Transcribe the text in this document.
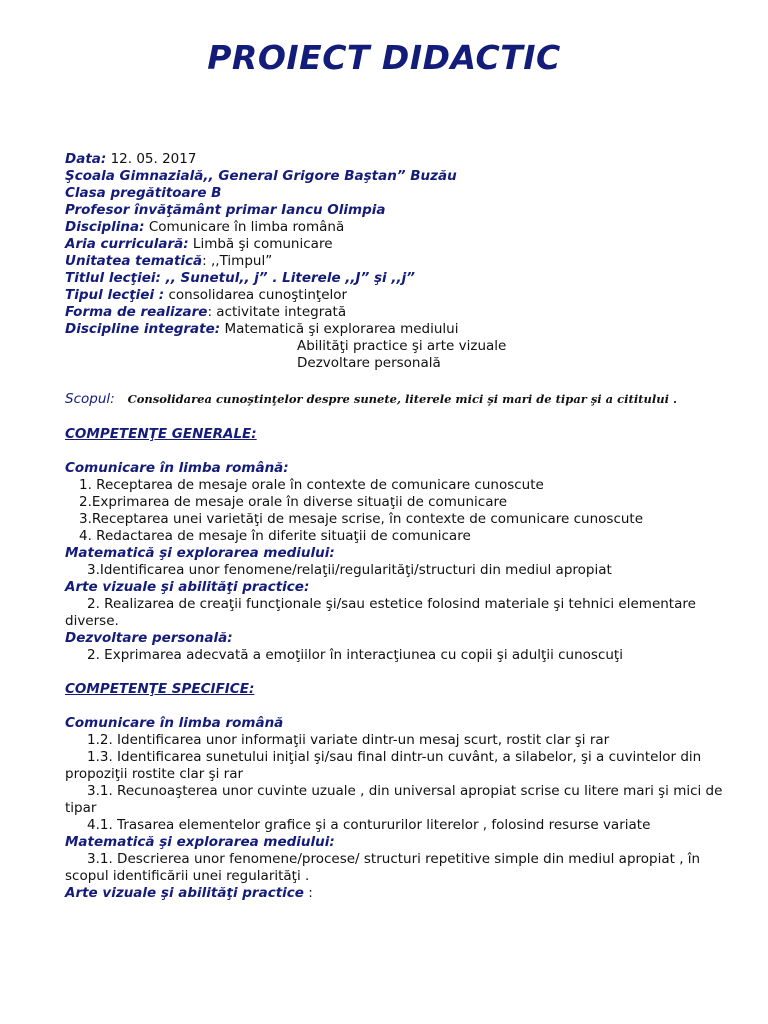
PROIECT DIDACTIC
Data: 12. 05. 2017
Şcoala Gimnazială,, General Grigore Baştan” Buzău
Clasa pregătitoare B
Profesor învăţământ primar Iancu Olimpia
Disciplina: Comunicare în limba română
Aria curriculară: Limbă şi comunicare
Unitatea tematică: ,,Timpul”
Titlul lecţiei: ,, Sunetul,, j” . Literele ,,J” şi ,,j”
Tipul lecţiei : consolidarea cunoştinţelor
Forma de realizare: activitate integrată
Discipline integrate: Matematică şi explorarea mediului
Abilităţi practice şi arte vizuale
Dezvoltare personală
Scopul: Consolidarea cunoştinţelor despre sunete, literele mici şi mari de tipar şi a cititului .
COMPETENŢE GENERALE:
Comunicare în limba română:
1. Receptarea de mesaje orale în contexte de comunicare cunoscute
2.Exprimarea de mesaje orale în diverse situaţii de comunicare
3.Receptarea unei varietăţi de mesaje scrise, în contexte de comunicare cunoscute
4. Redactarea de mesaje în diferite situaţii de comunicare
Matematică şi explorarea mediului:
3.Identificarea unor fenomene/relaţii/regularităţi/structuri din mediul apropiat
Arte vizuale şi abilităţi practice:
2. Realizarea de creaţii funcţionale şi/sau estetice folosind materiale şi tehnici elementare diverse.
Dezvoltare personală:
2. Exprimarea adecvată a emoţiilor în interacţiunea cu copii şi adulţii cunoscuţi
COMPETENŢE SPECIFICE:
Comunicare în limba română
1.2. Identificarea unor informaţii variate dintr-un mesaj scurt, rostit clar şi rar
1.3. Identificarea sunetului iniţial şi/sau final dintr-un cuvânt, a silabelor, şi a cuvintelor din propoziţii rostite clar şi rar
3.1. Recunoaşterea unor cuvinte uzuale , din universal apropiat scrise cu litere mari şi mici de tipar
4.1. Trasarea elementelor grafice şi a contururilor literelor , folosind resurse variate
Matematică şi explorarea mediului:
3.1. Descrierea unor fenomene/procese/ structuri repetitive simple din mediul apropiat , în scopul identificării unei regularităţi .
Arte vizuale şi abilităţi practice :
